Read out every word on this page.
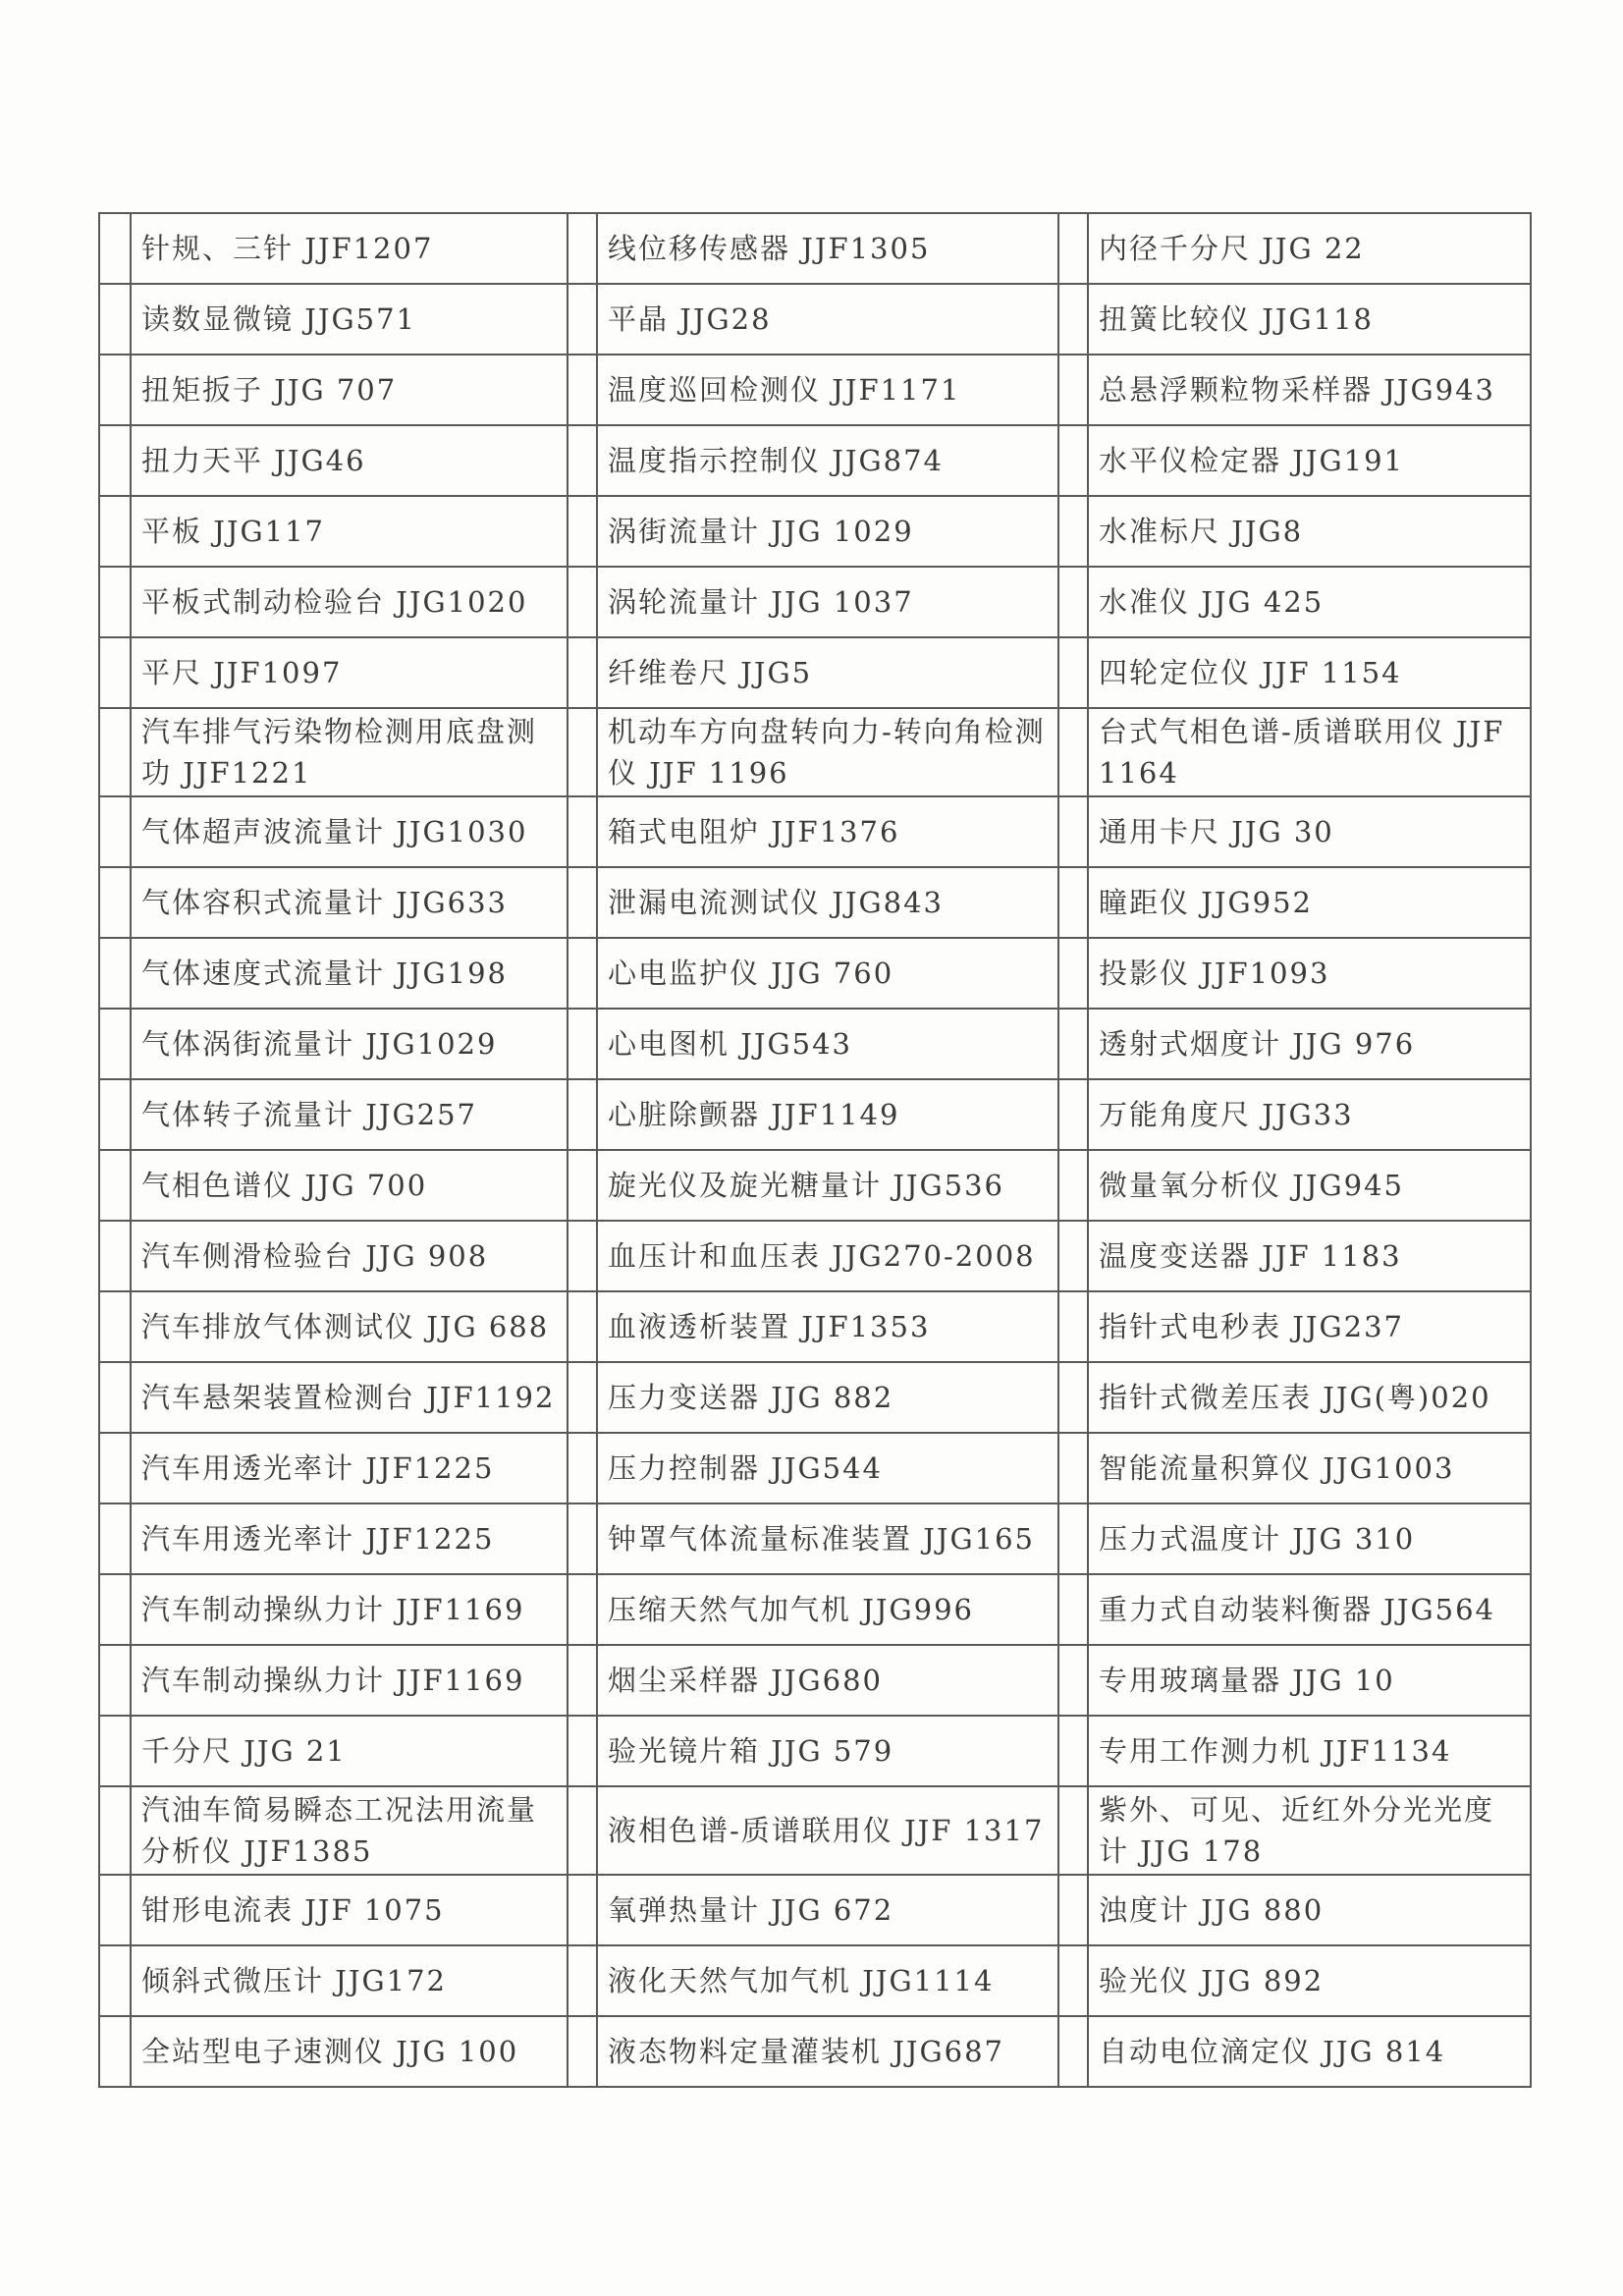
	针规、三针 JJF1207		线位移传感器 JJF1305		内径千分尺 JJG 22
	读数显微镜 JJG571		平晶 JJG28		扭簧比较仪 JJG118
	扭矩扳子 JJG 707		温度巡回检测仪 JJF1171		总悬浮颗粒物采样器 JJG943
	扭力天平 JJG46		温度指示控制仪 JJG874		水平仪检定器 JJG191
	平板 JJG117		涡街流量计 JJG 1029		水准标尺 JJG8
	平板式制动检验台 JJG1020		涡轮流量计 JJG 1037		水准仪 JJG 425
	平尺 JJF1097		纤维卷尺 JJG5		四轮定位仪 JJF 1154
	汽车排气污染物检测用底盘测功 JJF1221		机动车方向盘转向力-转向角检测仪 JJF 1196		台式气相色谱-质谱联用仪 JJF1164
	气体超声波流量计 JJG1030		箱式电阻炉 JJF1376		通用卡尺 JJG 30
	气体容积式流量计 JJG633		泄漏电流测试仪 JJG843		瞳距仪 JJG952
	气体速度式流量计 JJG198		心电监护仪 JJG 760		投影仪 JJF1093
	气体涡街流量计 JJG1029		心电图机 JJG543		透射式烟度计 JJG 976
	气体转子流量计 JJG257		心脏除颤器 JJF1149		万能角度尺 JJG33
	气相色谱仪 JJG 700		旋光仪及旋光糖量计 JJG536		微量氧分析仪 JJG945
	汽车侧滑检验台 JJG 908		血压计和血压表 JJG270-2008		温度变送器 JJF 1183
	汽车排放气体测试仪 JJG 688		血液透析装置 JJF1353		指针式电秒表 JJG237
	汽车悬架装置检测台 JJF1192		压力变送器 JJG 882		指针式微差压表 JJG(粤)020
	汽车用透光率计 JJF1225		压力控制器 JJG544		智能流量积算仪 JJG1003
	汽车用透光率计 JJF1225		钟罩气体流量标准装置 JJG165		压力式温度计 JJG 310
	汽车制动操纵力计 JJF1169		压缩天然气加气机 JJG996		重力式自动装料衡器 JJG564
	汽车制动操纵力计 JJF1169		烟尘采样器 JJG680		专用玻璃量器 JJG 10
	千分尺 JJG 21		验光镜片箱 JJG 579		专用工作测力机 JJF1134
	汽油车简易瞬态工况法用流量分析仪 JJF1385		液相色谱-质谱联用仪 JJF 1317		紫外、可见、近红外分光光度计 JJG 178
	钳形电流表 JJF 1075		氧弹热量计 JJG 672		浊度计 JJG 880
	倾斜式微压计 JJG172		液化天然气加气机 JJG1114		验光仪 JJG 892
	全站型电子速测仪 JJG 100		液态物料定量灌装机 JJG687		自动电位滴定仪 JJG 814
